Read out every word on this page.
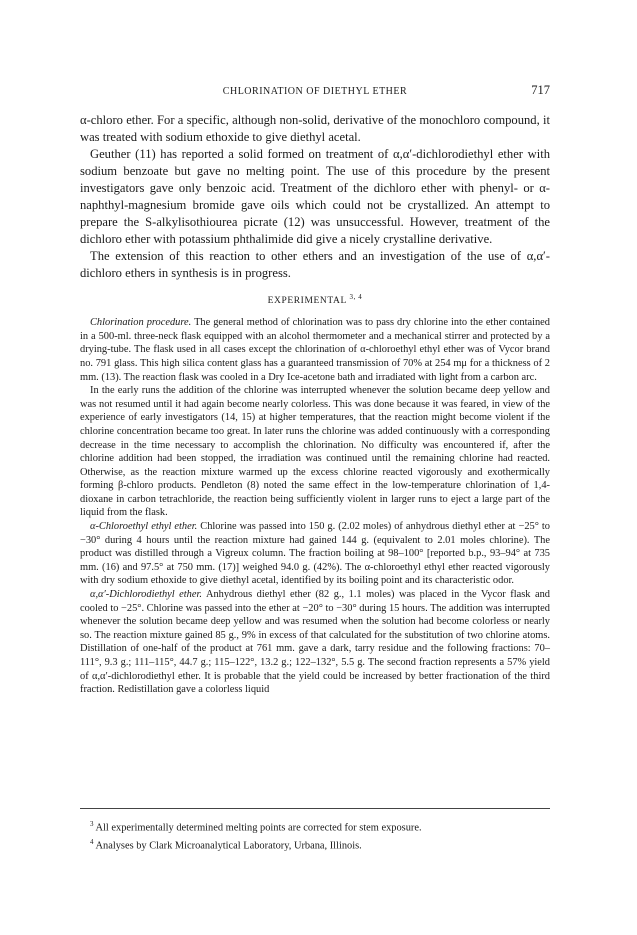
CHLORINATION OF DIETHYL ETHER	717

α-chloro ether. For a specific, although non-solid, derivative of the monochloro compound, it was treated with sodium ethoxide to give diethyl acetal.

Geuther (11) has reported a solid formed on treatment of α,α′-dichlorodiethyl ether with sodium benzoate but gave no melting point. The use of this procedure by the present investigators gave only benzoic acid. Treatment of the dichloro ether with phenyl- or α-naphthyl-magnesium bromide gave oils which could not be crystallized. An attempt to prepare the S-alkylisothiourea picrate (12) was unsuccessful. However, treatment of the dichloro ether with potassium phthalimide did give a nicely crystalline derivative.

The extension of this reaction to other ethers and an investigation of the use of α,α′-dichloro ethers in synthesis is in progress.

EXPERIMENTAL $^{3, 4}$

Chlorination procedure. The general method of chlorination was to pass dry chlorine into the ether contained in a 500-ml. three-neck flask equipped with an alcohol thermometer and a mechanical stirrer and protected by a drying-tube. The flask used in all cases except the chlorination of α-chloroethyl ethyl ether was of Vycor brand no. 791 glass. This high silica content glass has a guaranteed transmission of 70% at 254 mμ for a thickness of 2 mm. (13). The reaction flask was cooled in a Dry Ice-acetone bath and irradiated with light from a carbon arc.

In the early runs the addition of the chlorine was interrupted whenever the solution became deep yellow and was not resumed until it had again become nearly colorless. This was done because it was feared, in view of the experience of early investigators (14, 15) at higher temperatures, that the reaction might become violent if the chlorine concentration became too great. In later runs the chlorine was added continuously with a corresponding decrease in the time necessary to accomplish the chlorination. No difficulty was encountered if, after the chlorine addition had been stopped, the irradiation was continued until the remaining chlorine had reacted. Otherwise, as the reaction mixture warmed up the excess chlorine reacted vigorously and exothermically forming β-chloro products. Pendleton (8) noted the same effect in the low-temperature chlorination of 1,4-dioxane in carbon tetrachloride, the reaction being sufficiently violent in larger runs to eject a large part of the liquid from the flask.

α-Chloroethyl ethyl ether. Chlorine was passed into 150 g. (2.02 moles) of anhydrous diethyl ether at −25° to −30° during 4 hours until the reaction mixture had gained 144 g. (equivalent to 2.01 moles chlorine). The product was distilled through a Vigreux column. The fraction boiling at 98–100° [reported b.p., 93–94° at 735 mm. (16) and 97.5° at 750 mm. (17)] weighed 94.0 g. (42%). The α-chloroethyl ethyl ether reacted vigorously with dry sodium ethoxide to give diethyl acetal, identified by its boiling point and its characteristic odor.

α,α′-Dichlorodiethyl ether. Anhydrous diethyl ether (82 g., 1.1 moles) was placed in the Vycor flask and cooled to −25°. Chlorine was passed into the ether at −20° to −30° during 15 hours. The addition was interrupted whenever the solution became deep yellow and was resumed when the solution had become colorless or nearly so. The reaction mixture gained 85 g., 9% in excess of that calculated for the substitution of two chlorine atoms. Distillation of one-half of the product at 761 mm. gave a dark, tarry residue and the following fractions: 70–111°, 9.3 g.; 111–115°, 44.7 g.; 115–122°, 13.2 g.; 122–132°, 5.5 g. The second fraction represents a 57% yield of α,α′-dichlorodiethyl ether. It is probable that the yield could be increased by better fractionation of the third fraction. Redistillation gave a colorless liquid

$^3$ All experimentally determined melting points are corrected for stem exposure.

$^4$ Analyses by Clark Microanalytical Laboratory, Urbana, Illinois.
